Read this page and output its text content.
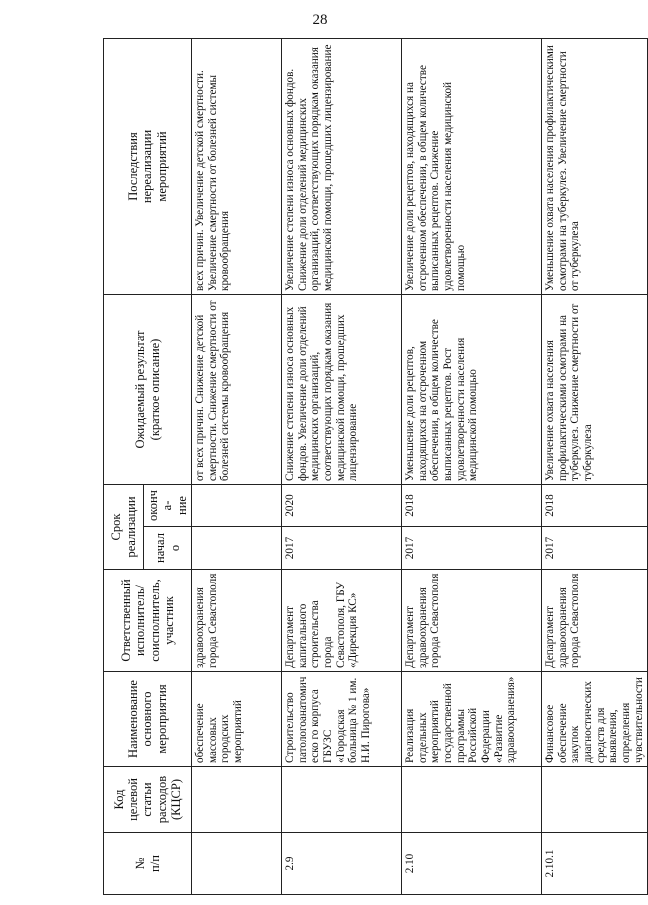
28
№
п/п	Код целевой
статьи расходов
(КЦСР)	Наименование
основного
мероприятия	Ответственный
исполнитель/
соисполнитель,
участник	Срок реализации		Ожидаемый результат
(краткое описание)	Последствия
нереализации
мероприятий
				начало	оконча-
ние		
		обеспечение массовых городских мероприятий	здравоохранения города Севастополя			от всех причин. Снижение детской смертности. Снижение смертности от болезней системы кровообращения	всех причин. Увеличение детской смертности. Увеличение смертности от болезней системы кровообращения
2.9		Строительство патологоанатомическо го корпуса ГБУЗС «Городская больница № 1 им. Н.И. Пирогова»	Департамент капитального строительства города Севастополя, ГБУ «Дирекция КС»	2017	2020	Снижение степени износа основных фондов. Увеличение доли отделений медицинских организаций, соответствующих порядкам оказания медицинской помощи, прошедших лицензирование	Увеличение степени износа основных фондов. Снижение доли отделений медицинских организаций, соответствующих порядкам оказания медицинской помощи, прошедших лицензирование
2.10		Реализация отдельных мероприятий государственной программы Российской Федерации «Развитие здравоохранения»	Департамент здравоохранения города Севастополя	2017	2018	Уменьшение доли рецептов, находящихся на отсроченном обеспечении, в общем количестве выписанных рецептов. Рост удовлетворенности населения медицинской помощью	Увеличение доли рецептов, находящихся на отсроченном обеспечении, в общем количестве выписанных рецептов. Снижение удовлетворенности населения медицинской помощью
2.10.1		Финансовое обеспечение закупок диагностических средств для выявления, определения чувствительности	Департамент здравоохранения города Севастополя	2017	2018	Увеличение охвата населения профилактическими осмотрами на туберкулез. Снижение смертности от туберкулеза	Уменьшение охвата населения профилактическими осмотрами на туберкулез. Увеличение смертности от туберкулеза
